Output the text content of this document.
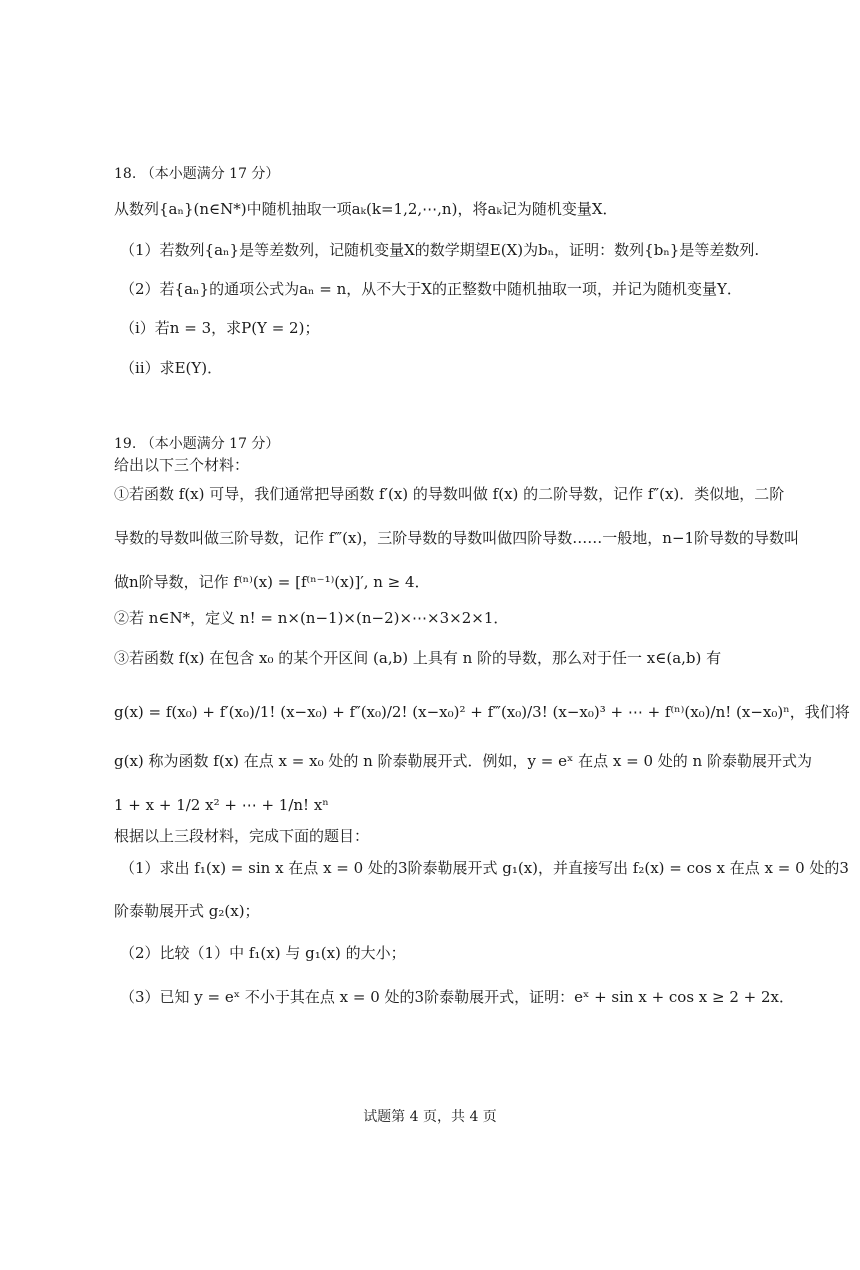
18. （本小题满分 17 分）
从数列{aₙ}(n∈N*)中随机抽取一项aₖ(k=1,2,⋯,n)，将aₖ记为随机变量X．
（1）若数列{aₙ}是等差数列，记随机变量X的数学期望E(X)为bₙ，证明：数列{bₙ}是等差数列.
（2）若{aₙ}的通项公式为aₙ = n，从不大于X的正整数中随机抽取一项，并记为随机变量Y．
（ⅰ）若n = 3，求P(Y = 2)；
（ⅱ）求E(Y)．
19. （本小题满分 17 分）
给出以下三个材料：
①若函数 f(x) 可导，我们通常把导函数 f′(x) 的导数叫做 f(x) 的二阶导数，记作 f″(x)．类似地，二阶
导数的导数叫做三阶导数，记作 f‴(x)，三阶导数的导数叫做四阶导数……一般地，n−1阶导数的导数叫
做n阶导数，记作 f⁽ⁿ⁾(x) = [f⁽ⁿ⁻¹⁾(x)]′, n ≥ 4．
②若 n∈N*，定义 n! = n×(n−1)×(n−2)×⋯×3×2×1．
③若函数 f(x) 在包含 x₀ 的某个开区间 (a,b) 上具有 n 阶的导数，那么对于任一 x∈(a,b) 有
g(x) = f(x₀) + f′(x₀)/1! (x−x₀) + f″(x₀)/2! (x−x₀)² + f‴(x₀)/3! (x−x₀)³ + ⋯ + f⁽ⁿ⁾(x₀)/n! (x−x₀)ⁿ，我们将
g(x) 称为函数 f(x) 在点 x = x₀ 处的 n 阶泰勒展开式．例如，y = eˣ 在点 x = 0 处的 n 阶泰勒展开式为
1 + x + 1/2 x² + ⋯ + 1/n! xⁿ
根据以上三段材料，完成下面的题目：
（1）求出 f₁(x) = sin x 在点 x = 0 处的3阶泰勒展开式 g₁(x)，并直接写出 f₂(x) = cos x 在点 x = 0 处的3
阶泰勒展开式 g₂(x)；
（2）比较（1）中 f₁(x) 与 g₁(x) 的大小；
（3）已知 y = eˣ 不小于其在点 x = 0 处的3阶泰勒展开式，证明：eˣ + sin x + cos x ≥ 2 + 2x．
试题第 4 页，共 4 页
